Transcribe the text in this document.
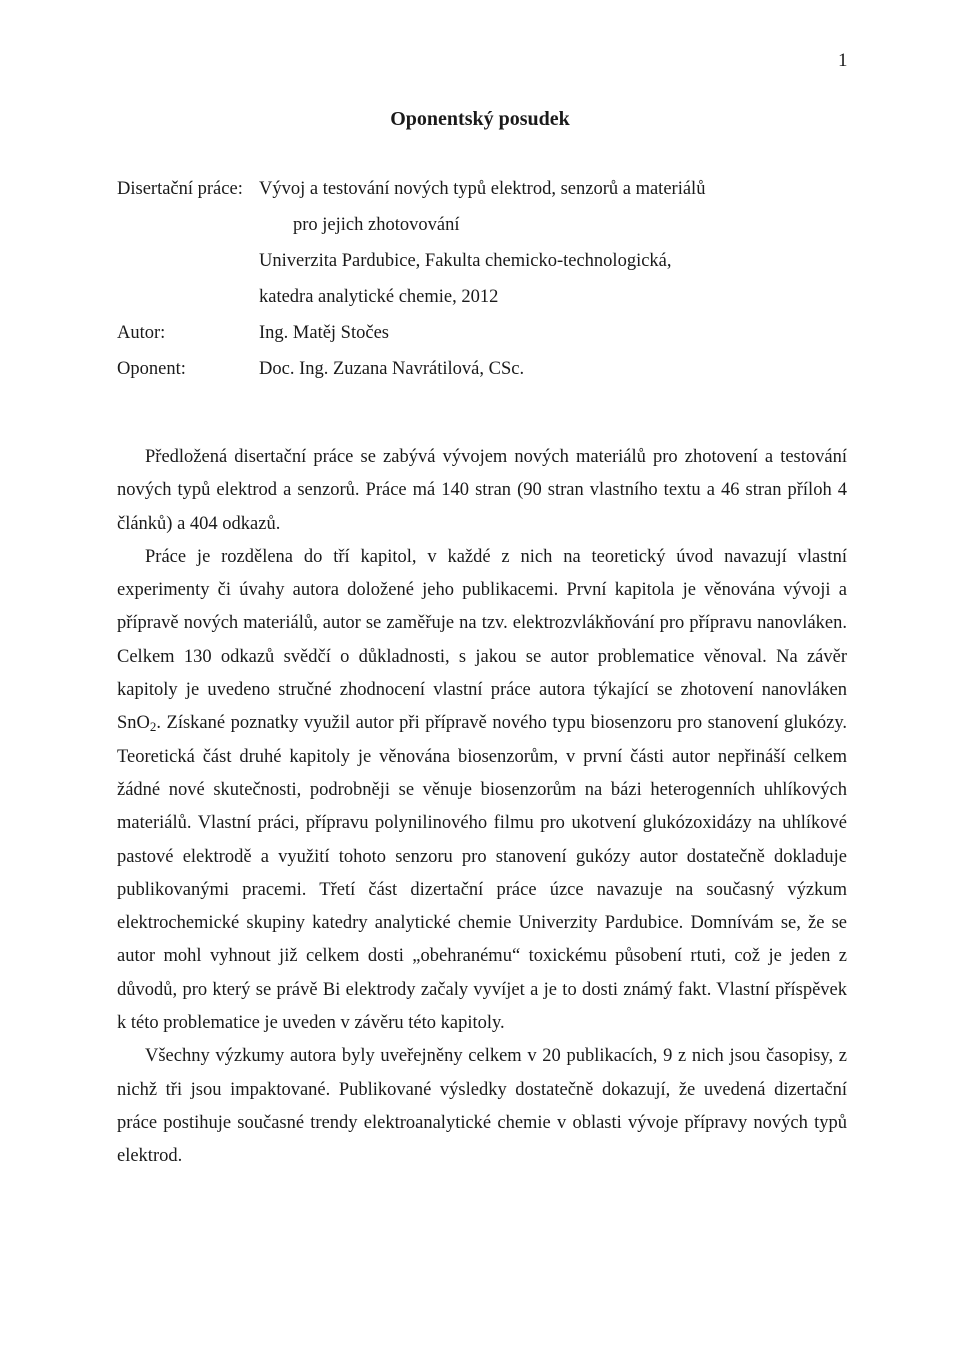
1
Oponentský posudek
Disertační práce: Vývoj a testování nových typů elektrod, senzorů a materiálů
pro jejich zhotovování
Univerzita Pardubice, Fakulta chemicko-technologická,
katedra analytické chemie, 2012
Autor:	Ing. Matěj Stočes
Oponent:	Doc. Ing. Zuzana Navrátilová, CSc.

Předložená disertační práce se zabývá vývojem nových materiálů pro zhotovení a testování nových typů elektrod a senzorů. Práce má 140 stran (90 stran vlastního textu a 46 stran příloh 4 článků) a 404 odkazů.

Práce je rozdělena do tří kapitol, v každé z nich na teoretický úvod navazují vlastní experimenty či úvahy autora doložené jeho publikacemi. První kapitola je věnována vývoji a přípravě nových materiálů, autor se zaměřuje na tzv. elektrozvlákňování pro přípravu nanovláken. Celkem 130 odkazů svědčí o důkladnosti, s jakou se autor problematice věnoval. Na závěr kapitoly je uvedeno stručné zhodnocení vlastní práce autora týkající se zhotovení nanovláken SnO$_2$. Získané poznatky využil autor při přípravě nového typu biosenzoru pro stanovení glukózy. Teoretická část druhé kapitoly je věnována biosenzorům, v první části autor nepřináší celkem žádné nové skutečnosti, podrobněji se věnuje biosenzorům na bázi heterogenních uhlíkových materiálů. Vlastní práci, přípravu polynilinového filmu pro ukotvení glukózoxidázy na uhlíkové pastové elektrodě a využití tohoto senzoru pro stanovení gukózy autor dostatečně dokladuje publikovanými pracemi. Třetí část dizertační práce úzce navazuje na současný výzkum elektrochemické skupiny katedry analytické chemie Univerzity Pardubice. Domnívám se, že se autor mohl vyhnout již celkem dosti „obehranému“ toxickému působení rtuti, což je jeden z důvodů, pro který se právě Bi elektrody začaly vyvíjet a je to dosti známý fakt. Vlastní příspěvek k této problematice je uveden v závěru této kapitoly.

Všechny výzkumy autora byly uveřejněny celkem v 20 publikacích, 9 z nich jsou časopisy, z nichž tři jsou impaktované. Publikované výsledky dostatečně dokazují, že uvedená dizertační práce postihuje současné trendy elektroanalytické chemie v oblasti vývoje přípravy nových typů elektrod.
